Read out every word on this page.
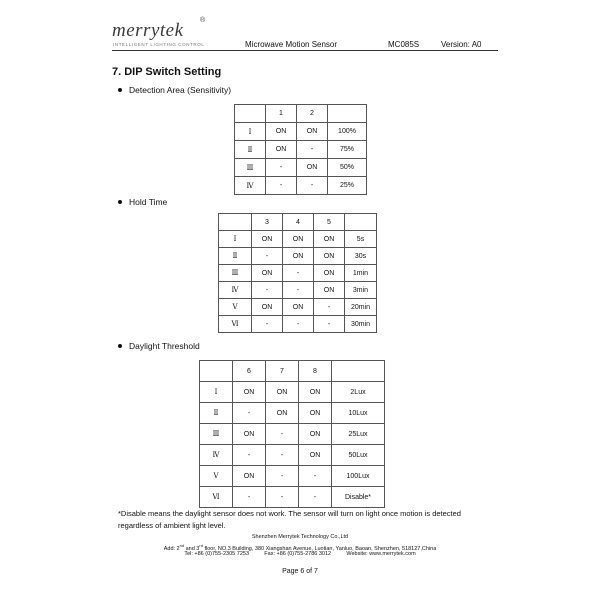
merrytek ®
INTELLIGENT LIGHTING CONTROL	Microwave Motion Sensor	MC085S	Version: A0
7. DIP Switch Setting
Detection Area (Sensitivity)
	1	2	
Ⅰ	ON	ON	100%
Ⅱ	ON	-	75%
Ⅲ	-	ON	50%
Ⅳ	-	-	25%
Hold Time
	3	4	5	
Ⅰ	ON	ON	ON	5s
Ⅱ	-	ON	ON	30s
Ⅲ	ON	-	ON	1min
Ⅳ	-	-	ON	3min
Ⅴ	ON	ON	-	20min
Ⅵ	-	-	-	30min
Daylight Threshold
	6	7	8	
Ⅰ	ON	ON	ON	2Lux
Ⅱ	-	ON	ON	10Lux
Ⅲ	ON	-	ON	25Lux
Ⅳ	-	-	ON	50Lux
Ⅴ	ON	-	-	100Lux
Ⅵ	-	-	-	Disable*
*Disable means the daylight sensor does not work. The sensor will turn on light once motion is detected regardless of ambient light level.
Shenzhen Merrytek Technology Co.,Ltd
Add: 2nd and 3rd floor, NO.3 Building, 380 Xiangshan Avenue, Luotian, Yanluo, Baoan, Shenzhen, 518127,China
Tel: +86 (0)755-2305 7253          Fax: +86 (0)755-2786 3012          Website: www.merrytek.com
Page 6 of 7
